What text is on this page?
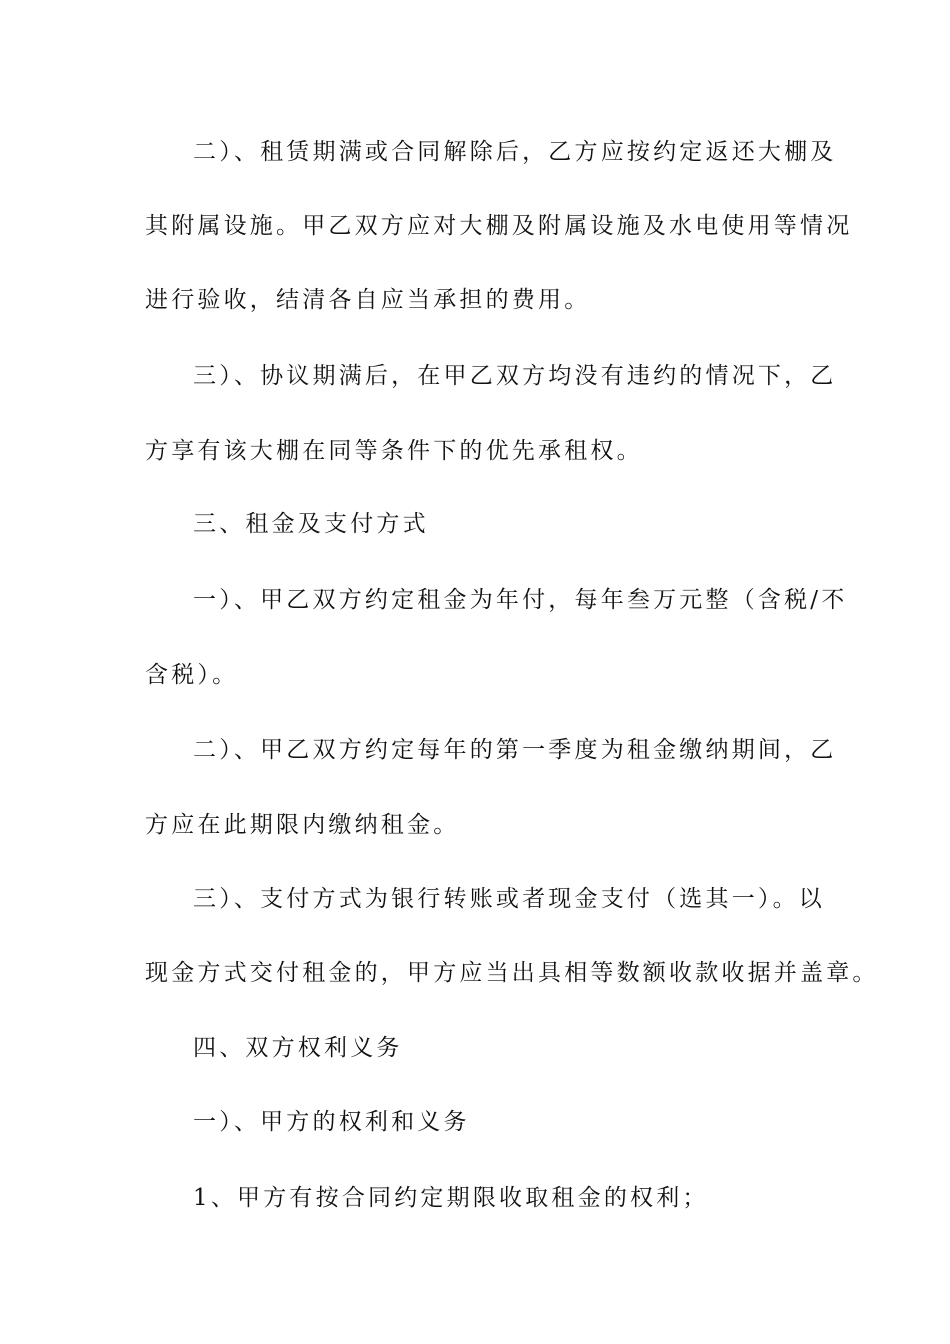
二）、租赁期满或合同解除后，乙方应按约定返还大棚及
其附属设施。甲乙双方应对大棚及附属设施及水电使用等情况
进行验收，结清各自应当承担的费用。
三）、协议期满后，在甲乙双方均没有违约的情况下，乙
方享有该大棚在同等条件下的优先承租权。
三、租金及支付方式
一）、甲乙双方约定租金为年付，每年叁万元整（含税/不
含税）。
二）、甲乙双方约定每年的第一季度为租金缴纳期间，乙
方应在此期限内缴纳租金。
三）、支付方式为银行转账或者现金支付（选其一）。以
现金方式交付租金的，甲方应当出具相等数额收款收据并盖章。
四、双方权利义务
一）、甲方的权利和义务
1、甲方有按合同约定期限收取租金的权利；
